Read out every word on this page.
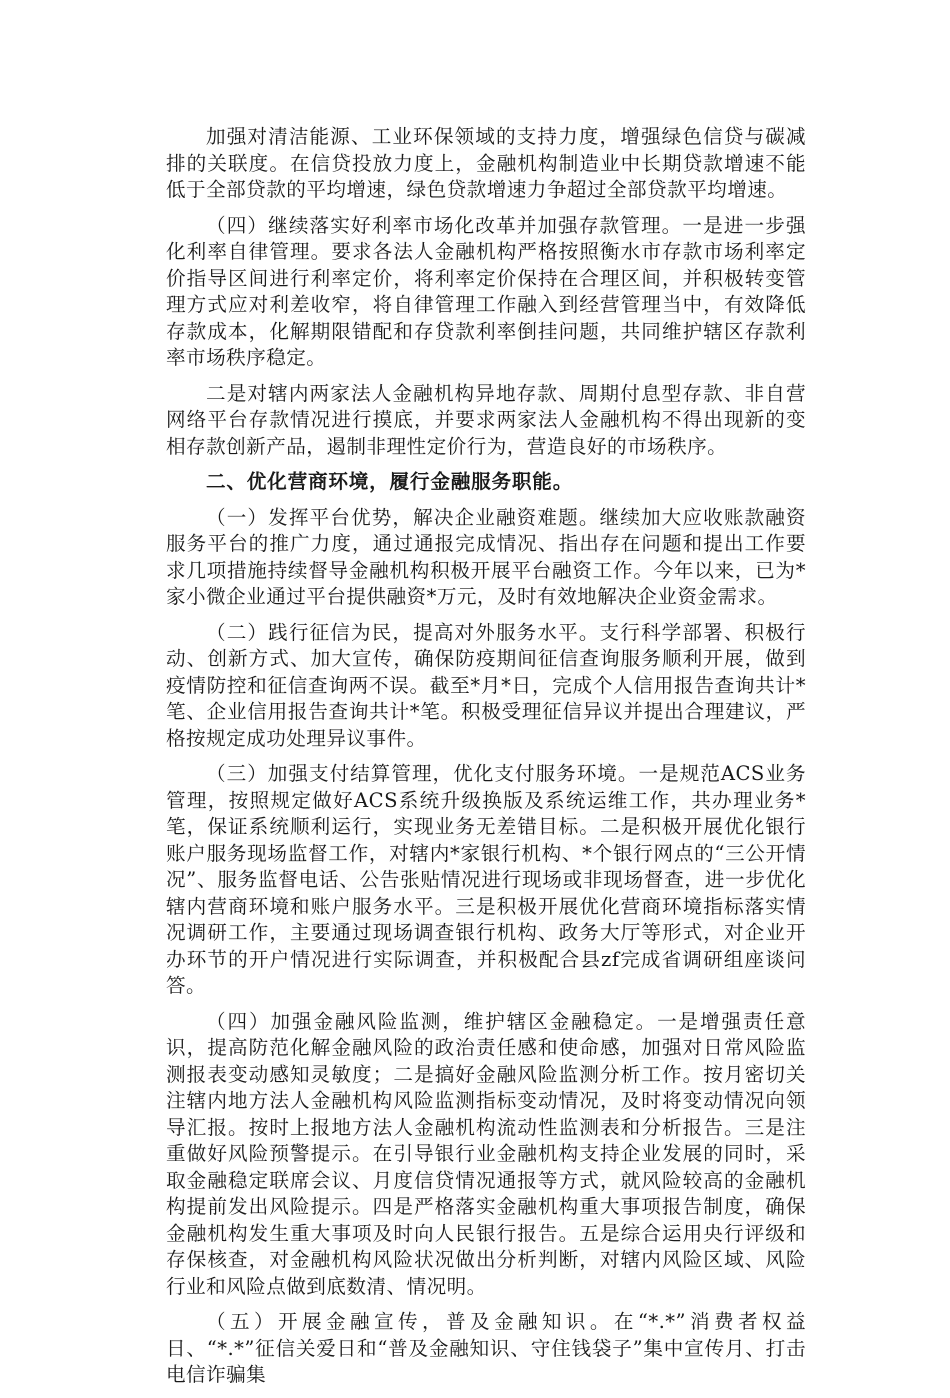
加强对清洁能源、工业环保领域的支持力度，增强绿色信贷与碳减排的关联度。在信贷投放力度上，金融机构制造业中长期贷款增速不能低于全部贷款的平均增速，绿色贷款增速力争超过全部贷款平均增速。

（四）继续落实好利率市场化改革并加强存款管理。一是进一步强化利率自律管理。要求各法人金融机构严格按照衡水市存款市场利率定价指导区间进行利率定价，将利率定价保持在合理区间，并积极转变管理方式应对利差收窄，将自律管理工作融入到经营管理当中，有效降低存款成本，化解期限错配和存贷款利率倒挂问题，共同维护辖区存款利率市场秩序稳定。

二是对辖内两家法人金融机构异地存款、周期付息型存款、非自营网络平台存款情况进行摸底，并要求两家法人金融机构不得出现新的变相存款创新产品，遏制非理性定价行为，营造良好的市场秩序。

二、优化营商环境，履行金融服务职能。

（一）发挥平台优势，解决企业融资难题。继续加大应收账款融资服务平台的推广力度，通过通报完成情况、指出存在问题和提出工作要求几项措施持续督导金融机构积极开展平台融资工作。今年以来，已为*家小微企业通过平台提供融资*万元，及时有效地解决企业资金需求。

（二）践行征信为民，提高对外服务水平。支行科学部署、积极行动、创新方式、加大宣传，确保防疫期间征信查询服务顺利开展，做到疫情防控和征信查询两不误。截至*月*日，完成个人信用报告查询共计*笔、企业信用报告查询共计*笔。积极受理征信异议并提出合理建议，严格按规定成功处理异议事件。

（三）加强支付结算管理，优化支付服务环境。一是规范ACS业务管理，按照规定做好ACS系统升级换版及系统运维工作，共办理业务*笔，保证系统顺利运行，实现业务无差错目标。二是积极开展优化银行账户服务现场监督工作，对辖内*家银行机构、*个银行网点的“三公开情况”、服务监督电话、公告张贴情况进行现场或非现场督查，进一步优化辖内营商环境和账户服务水平。三是积极开展优化营商环境指标落实情况调研工作，主要通过现场调查银行机构、政务大厅等形式，对企业开办环节的开户情况进行实际调查，并积极配合县zf完成省调研组座谈问答。

（四）加强金融风险监测，维护辖区金融稳定。一是增强责任意识，提高防范化解金融风险的政治责任感和使命感，加强对日常风险监测报表变动感知灵敏度；二是搞好金融风险监测分析工作。按月密切关注辖内地方法人金融机构风险监测指标变动情况，及时将变动情况向领导汇报。按时上报地方法人金融机构流动性监测表和分析报告。三是注重做好风险预警提示。在引导银行业金融机构支持企业发展的同时，采取金融稳定联席会议、月度信贷情况通报等方式，就风险较高的金融机构提前发出风险提示。四是严格落实金融机构重大事项报告制度，确保金融机构发生重大事项及时向人民银行报告。五是综合运用央行评级和存保核查，对金融机构风险状况做出分析判断，对辖内风险区域、风险行业和风险点做到底数清、情况明。

（五）开展金融宣传，普及金融知识。在“*.*”消费者权益日、“*.*”征信关爱日和“普及金融知识、守住钱袋子”集中宣传月、打击电信诈骗集
